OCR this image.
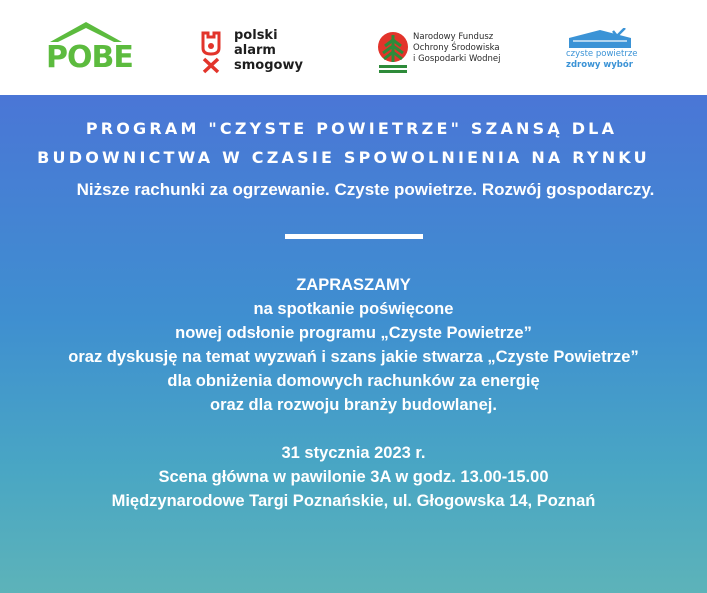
POBE
polski
alarm
smogowy
Narodowy Fundusz
Ochrony Środowiska
i Gospodarki Wodnej	czyste powietrze
zdrowy wybór
PROGRAM "CZYSTE POWIETRZE" SZANSĄ DLA
BUDOWNICTWA W CZASIE SPOWOLNIENIA NA RYNKU
Niższe rachunki za ogrzewanie. Czyste powietrze. Rozwój gospodarczy.
ZAPRASZAMY
na spotkanie poświęcone
nowej odsłonie programu „Czyste Powietrze”
oraz dyskusję na temat wyzwań i szans jakie stwarza „Czyste Powietrze”
dla obniżenia domowych rachunków za energię
oraz dla rozwoju branży budowlanej.
31 stycznia 2023 r.
Scena główna w pawilonie 3A w godz. 13.00-15.00
Międzynarodowe Targi Poznańskie, ul. Głogowska 14, Poznań
